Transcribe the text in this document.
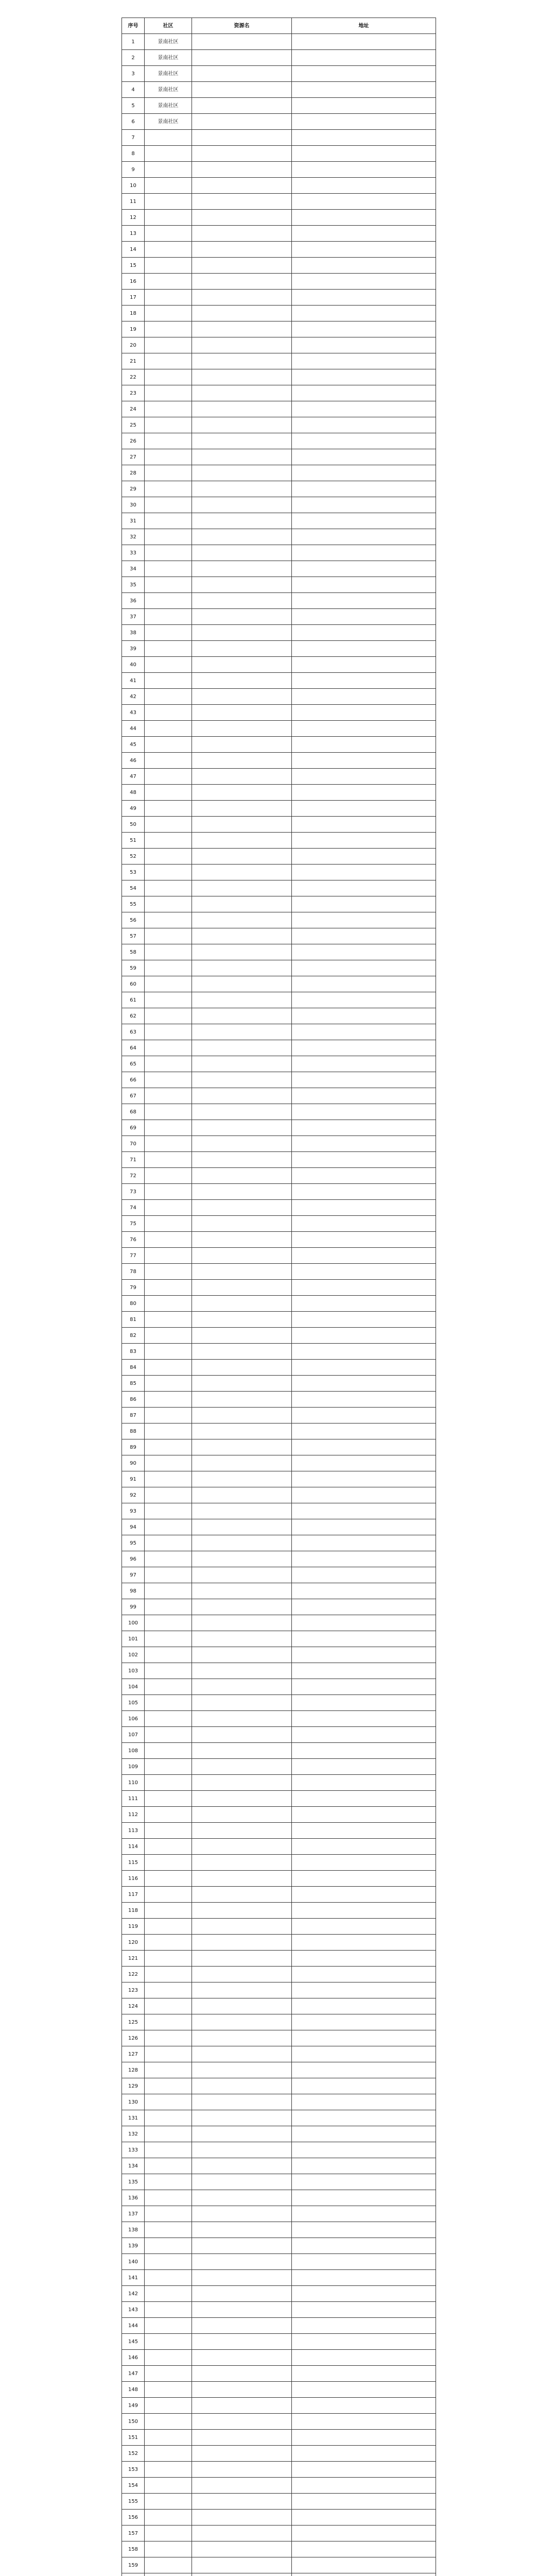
序号	社区	资源名	地址
1	景南社区		
2	景南社区		
3	景南社区		
4	景南社区		
5	景南社区		
6	景南社区		
7			
8			
9			
10			
11			
12			
13			
14			
15			
16			
17			
18			
19			
20			
21			
22			
23			
24			
25			
26			
27			
28			
29			
30			
31			
32			
33			
34			
35			
36			
37			
38			
39			
40			
41			
42			
43			
44			
45			
46			
47			
48			
49			
50			
51			
52			
53			
54			
55			
56			
57			
58			
59			
60			
61			
62			
63			
64			
65			
66			
67			
68			
69			
70			
71			
72			
73			
74			
75			
76			
77			
78			
79			
80			
81			
82			
83			
84			
85			
86			
87			
88			
89			
90			
91			
92			
93			
94			
95			
96			
97			
98			
99			
100			
101			
102			
103			
104			
105			
106			
107			
108			
109			
110			
111			
112			
113			
114			
115			
116			
117			
118			
119			
120			
121			
122			
123			
124			
125			
126			
127			
128			
129			
130			
131			
132			
133			
134			
135			
136			
137			
138			
139			
140			
141			
142			
143			
144			
145			
146			
147			
148			
149			
150			
151			
152			
153			
154			
155			
156			
157			
158			
159			
